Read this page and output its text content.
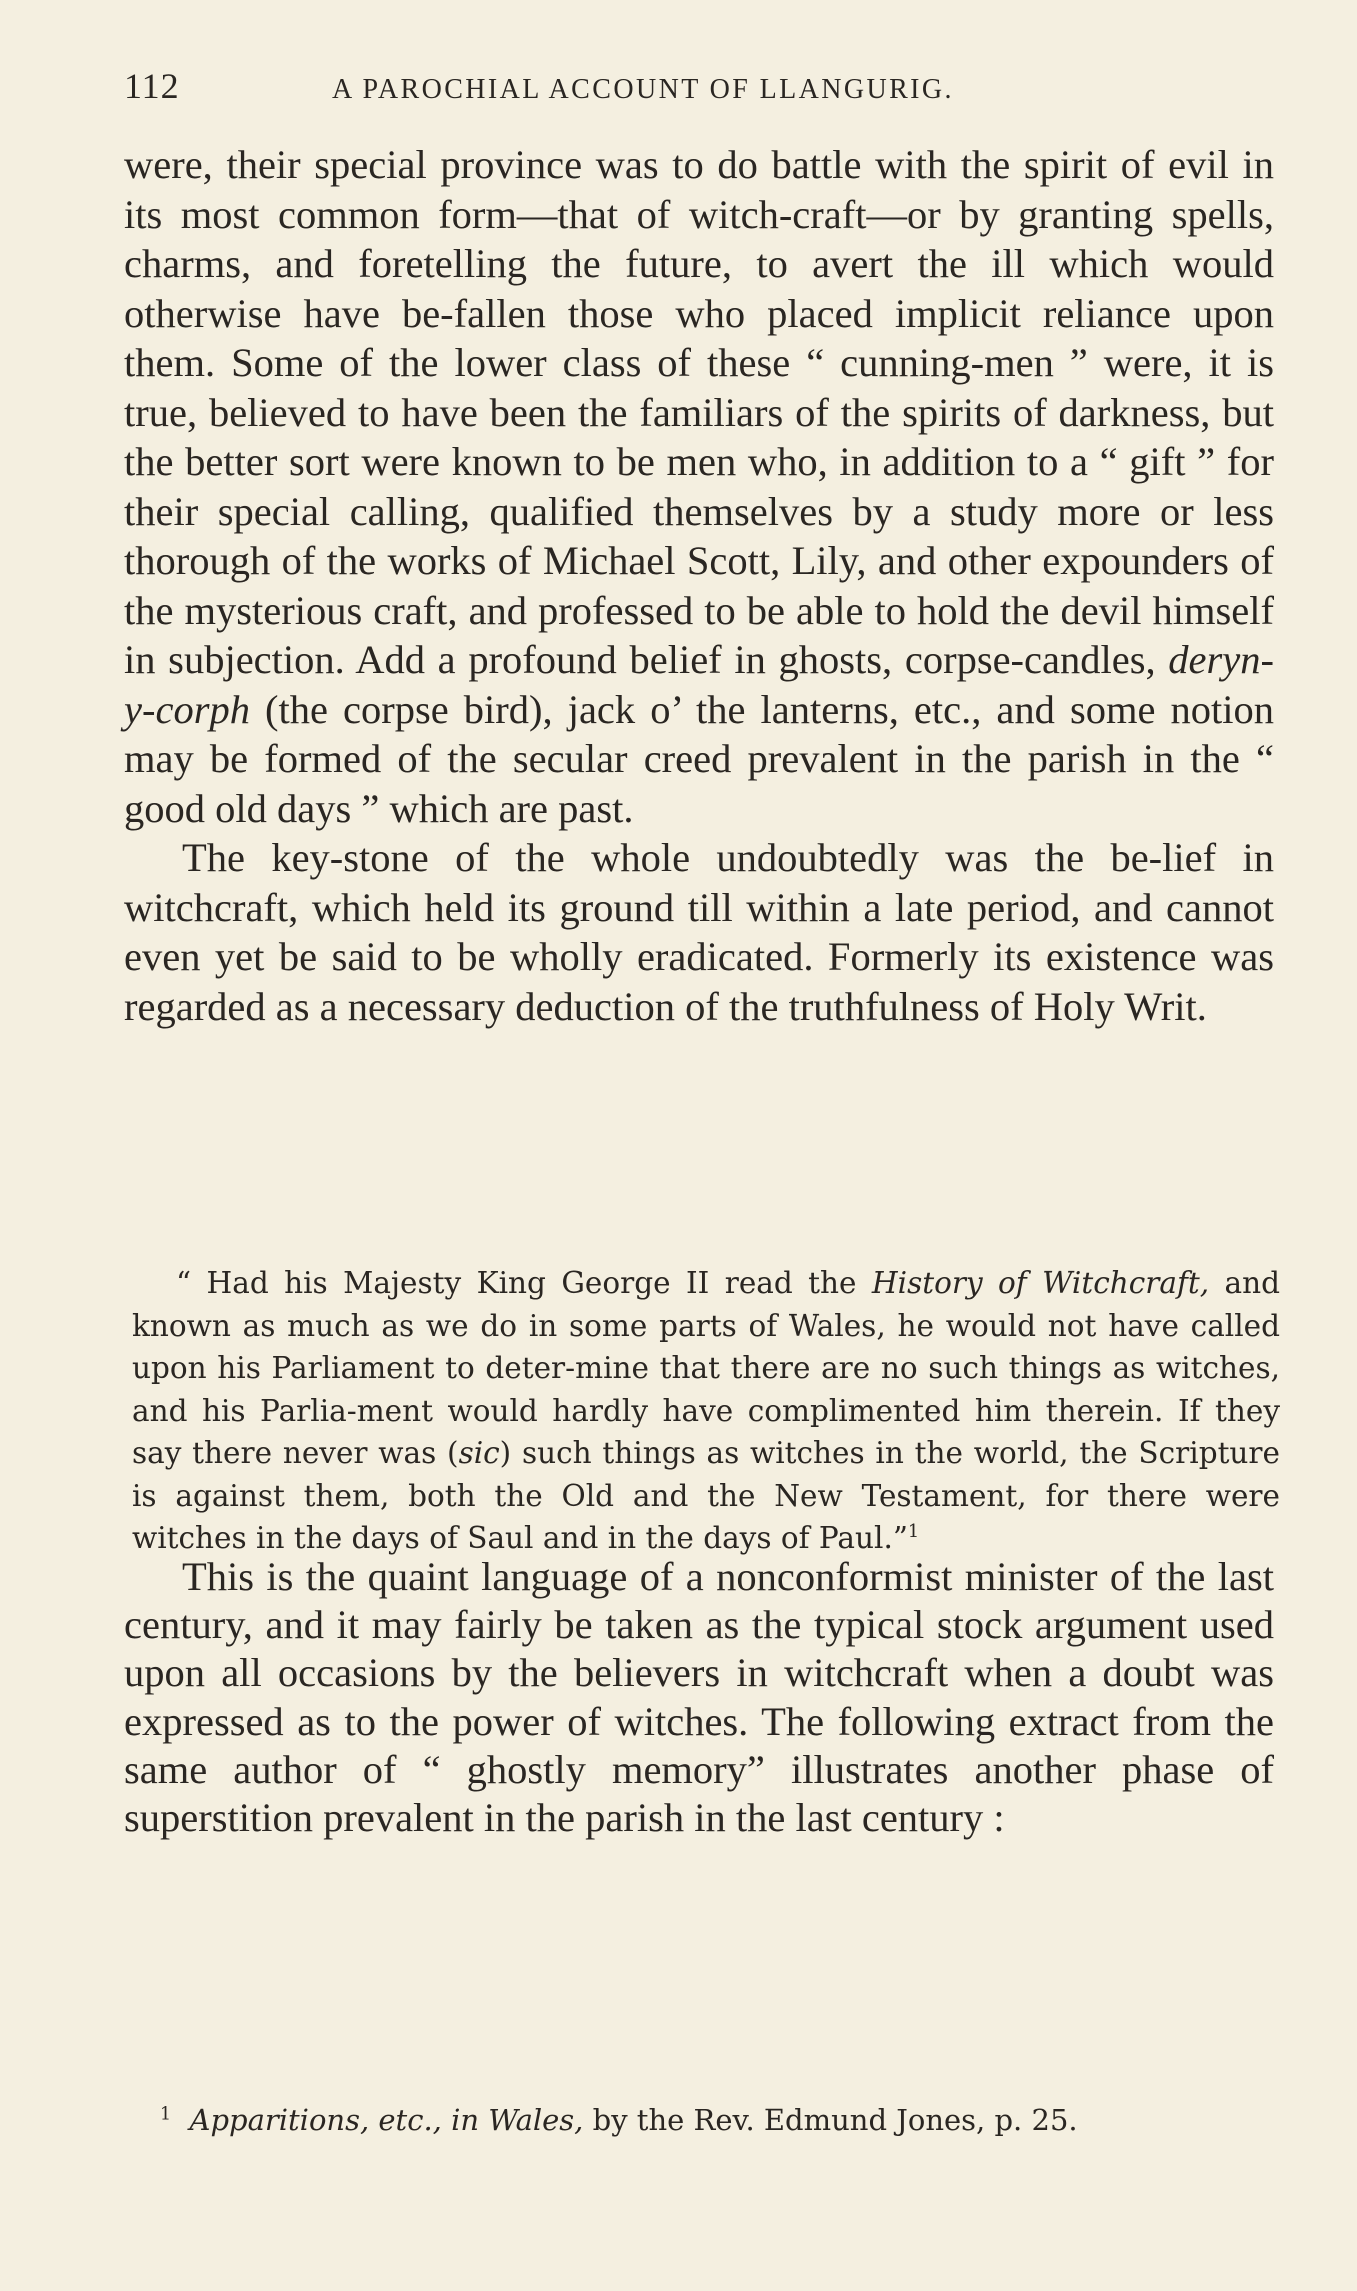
112	A PAROCHIAL ACCOUNT OF LLANGURIG.

were, their special province was to do battle with the spirit of evil in its most common form—that of witch-craft—or by granting spells, charms, and foretelling the future, to avert the ill which would otherwise have be-fallen those who placed implicit reliance upon them. Some of the lower class of these “ cunning-men ” were, it is true, believed to have been the familiars of the spirits of darkness, but the better sort were known to be men who, in addition to a “ gift ” for their special calling, qualified themselves by a study more or less thorough of the works of Michael Scott, Lily, and other expounders of the mysterious craft, and professed to be able to hold the devil himself in subjection. Add a profound belief in ghosts, corpse-candles, deryn-y-corph (the corpse bird), jack o’ the lanterns, etc., and some notion may be formed of the secular creed prevalent in the parish in the “ good old days ” which are past.

The key-stone of the whole undoubtedly was the be-lief in witchcraft, which held its ground till within a late period, and cannot even yet be said to be wholly eradicated. Formerly its existence was regarded as a necessary deduction of the truthfulness of Holy Writ.

“ Had his Majesty King George II read the History of Witchcraft, and known as much as we do in some parts of Wales, he would not have called upon his Parliament to deter-mine that there are no such things as witches, and his Parlia-ment would hardly have complimented him therein. If they say there never was (sic) such things as witches in the world, the Scripture is against them, both the Old and the New Testament, for there were witches in the days of Saul and in the days of Paul.”$^1$
This is the quaint language of a nonconformist minister of the last century, and it may fairly be taken as the typical stock argument used upon all occasions by the believers in witchcraft when a doubt was expressed as to the power of witches. The following extract from the same author of “ ghostly memory” illustrates another phase of superstition prevalent in the parish in the last century :
$^1$ Apparitions, etc., in Wales, by the Rev. Edmund Jones, p. 25.
